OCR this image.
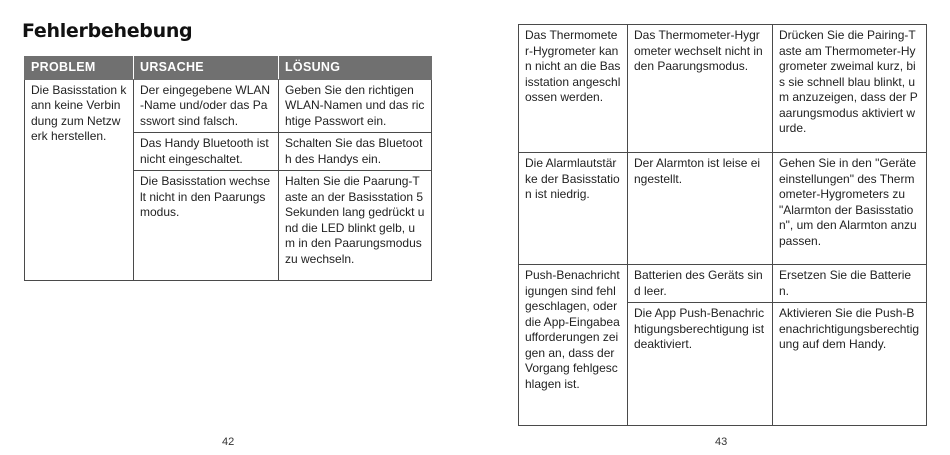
Fehlerbehebung
PROBLEM	URSACHE	LÖSUNG
Die Basisstation kann keine Verbindung zum Netzwerk herstellen.	Der eingegebene WLAN-Name und/oder das Passwort sind falsch.	Geben Sie den richtigen WLAN-Namen und das richtige Passwort ein.
	Das Handy Bluetooth ist nicht eingeschaltet.	Schalten Sie das Bluetooth des Handys ein.
	Die Basisstation wechselt nicht in den Paarungsmodus.	Halten Sie die Paarung-Taste an der Basisstation 5 Sekunden lang gedrückt und die LED blinkt gelb, um in den Paarungsmodus zu wechseln.
42
Das Thermometer-Hygrometer kann nicht an die Basisstation angeschlossen werden.	Das Thermometer-Hygrometer wechselt nicht in den Paarungsmodus.	Drücken Sie die Pairing-Taste am Thermometer-Hygrometer zweimal kurz, bis sie schnell blau blinkt, um anzuzeigen, dass der Paarungsmodus aktiviert wurde.
Die Alarmlautstärke der Basisstation ist niedrig.	Der Alarmton ist leise eingestellt.	Gehen Sie in den "Geräteeinstellungen" des Thermometer-Hygrometers zu "Alarmton der Basisstation", um den Alarmton anzupassen.
Push-Benachrichtigungen sind fehlgeschlagen, oder die App-Eingabeaufforderungen zeigen an, dass der Vorgang fehlgeschlagen ist.	Batterien des Geräts sind leer.	Ersetzen Sie die Batterien.
	Die App Push-Benachrichtigungsberechtigung ist deaktiviert.	Aktivieren Sie die Push-Benachrichtigungsberechtigung auf dem Handy.
43
